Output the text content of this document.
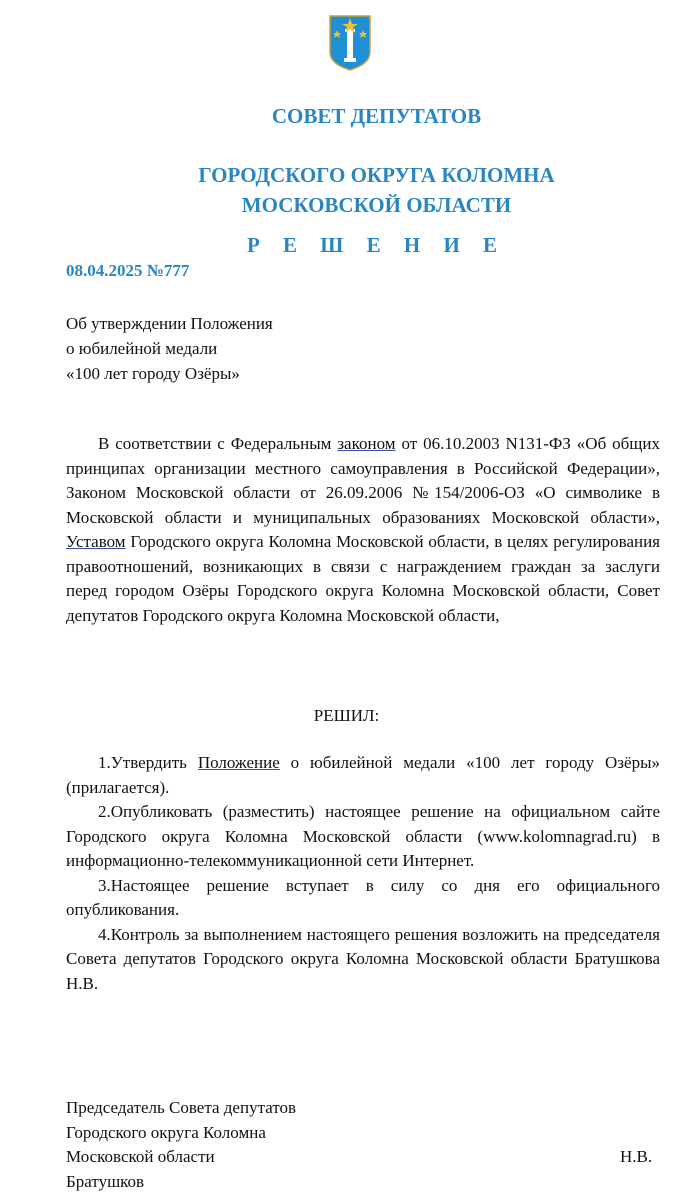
СОВЕТ ДЕПУТАТОВ
ГОРОДСКОГО ОКРУГА КОЛОМНА
МОСКОВСКОЙ ОБЛАСТИ
Р Е Ш Е Н И Е
08.04.2025 №777
Об утверждении Положения
о юбилейной медали
«100 лет городу Озёры»
В соответствии с Федеральным законом от 06.10.2003 N131-ФЗ «Об общих принципах организации местного самоуправления в Российской Федерации», Законом Московской области от 26.09.2006 №154/2006-ОЗ «О символике в Московской области и муниципальных образованиях Московской области», Уставом Городского округа Коломна Московской области, в целях регулирования правоотношений, возникающих в связи с награждением граждан за заслуги перед городом Озёры Городского округа Коломна Московской области, Совет депутатов Городского округа Коломна Московской области,
РЕШИЛ:

1.Утвердить Положение о юбилейной медали «100 лет городу Озёры» (прилагается).

2.Опубликовать (разместить) настоящее решение на официальном сайте Городского округа Коломна Московской области (www.kolomnagrad.ru) в информационно-телекоммуникационной сети Интернет.

3.Настоящее решение вступает в силу со дня его официального опубликования.

4.Контроль за выполнением настоящего решения возложить на председателя Совета депутатов Городского округа Коломна Московской области Братушкова Н.В.

Председатель Совета депутатов
Городского округа Коломна
Московской области
Братушков
Н.В.
